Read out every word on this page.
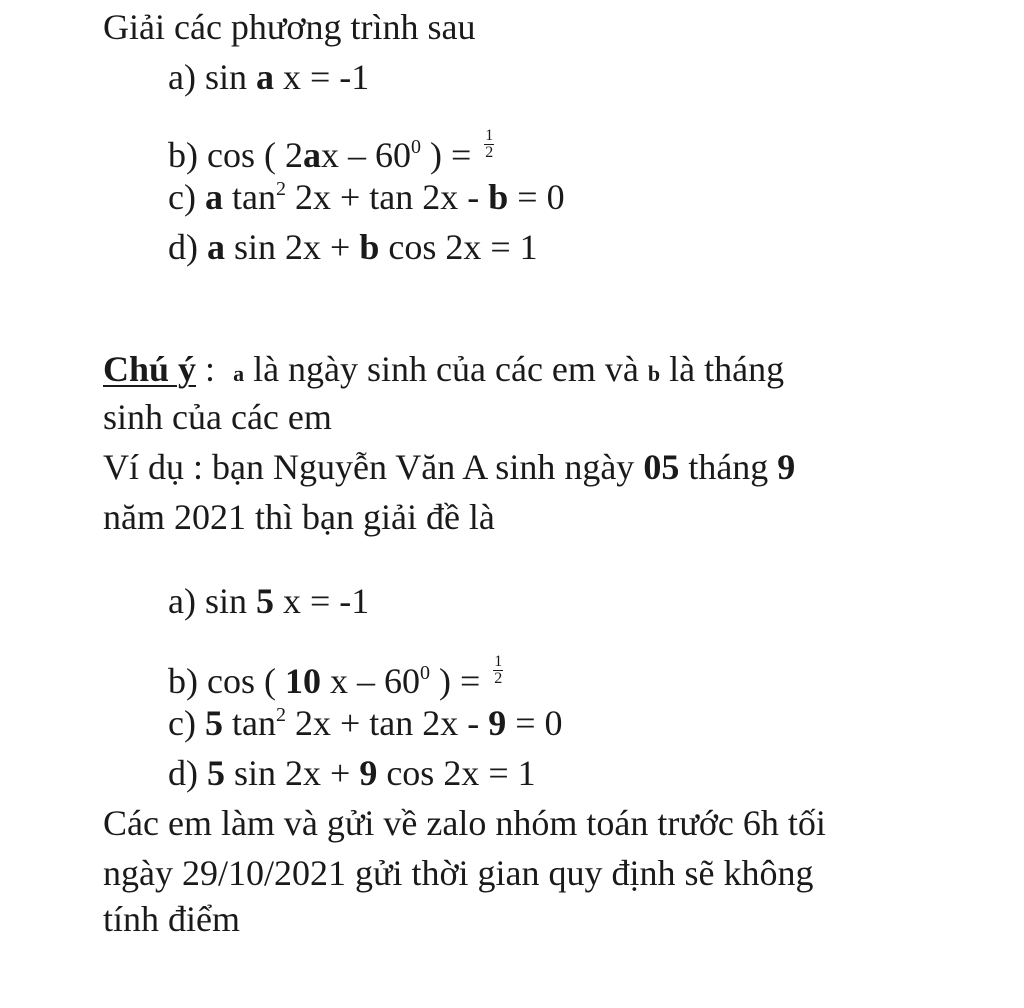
Giải các phương trình sau
a) sin a x = -1
b) cos ( $2ax - 60^0$ ) = $\frac{1}{2}$
c) a $\tan^2 2x + \tan 2x - b = 0$
d) a sin 2x + b cos 2x = 1
Chú ý : a là ngày sinh của các em và b là tháng
sinh của các em
Ví dụ : bạn Nguyễn Văn A sinh ngày 05 tháng 9
năm 2021 thì bạn giải đề là
a) sin 5 x = -1
b) cos ( 10 x – $60^0$ ) = $\frac{1}{2}$
c) 5 $\tan^2 2x + \tan 2x - 9 = 0$
d) 5 sin 2x + 9 cos 2x = 1
Các em làm và gửi về zalo nhóm toán trước 6h tối
ngày 29/10/2021 gửi thời gian quy định sẽ không
tính điểm
